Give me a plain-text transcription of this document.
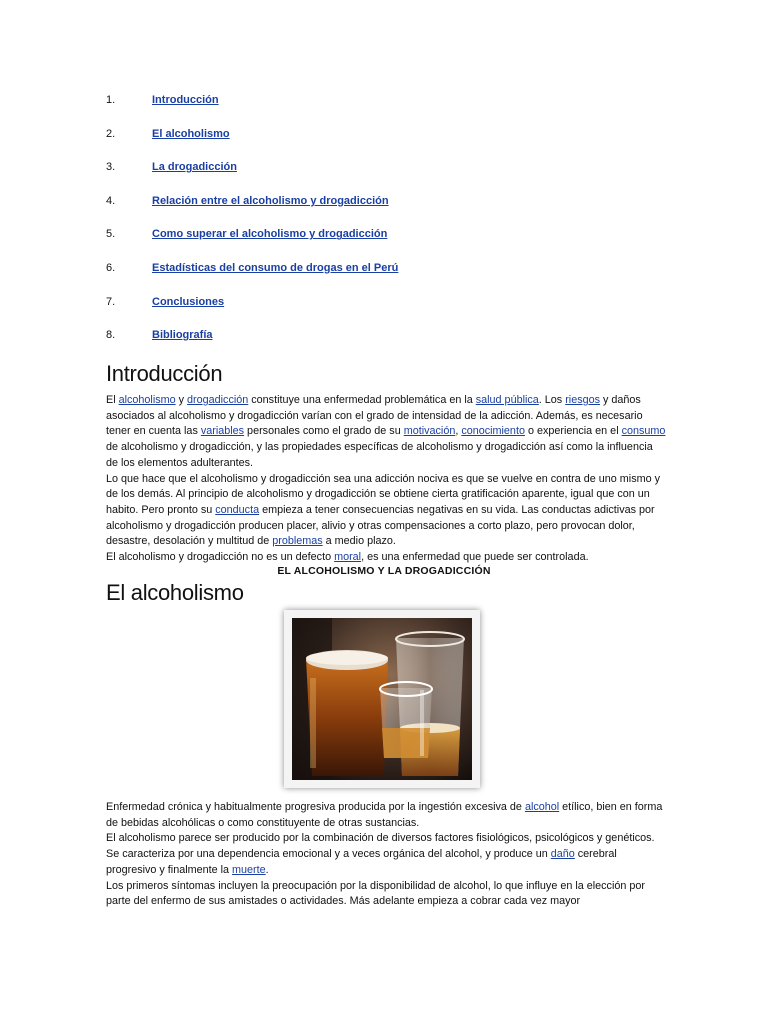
1.	Introducción
2.	El alcoholismo
3.	La drogadicción
4.	Relación entre el alcoholismo y drogadicción
5.	Como superar el alcoholismo y drogadicción
6.	Estadísticas del consumo de drogas en el Perú
7.	Conclusiones
8.	Bibliografía
Introducción

El alcoholismo y drogadicción constituye una enfermedad problemática en la salud pública. Los riesgos y daños asociados al alcoholismo y drogadicción varían con el grado de intensidad de la adicción. Además, es necesario tener en cuenta las variables personales como el grado de su motivación, conocimiento o experiencia en el consumo de alcoholismo y drogadicción, y las propiedades específicas de alcoholismo y drogadicción así como la influencia de los elementos adulterantes.

Lo que hace que el alcoholismo y drogadicción sea una adicción nociva es que se vuelve en contra de uno mismo y de los demás. Al principio de alcoholismo y drogadicción se obtiene cierta gratificación aparente, igual que con un habito. Pero pronto su conducta empieza a tener consecuencias negativas en su vida. Las conductas adictivas por alcoholismo y drogadicción producen placer, alivio y otras compensaciones a corto plazo, pero provocan dolor, desastre, desolación y multitud de problemas a medio plazo.

El alcoholismo y drogadicción no es un defecto moral, es una enfermedad que puede ser controlada.

EL ALCOHOLISMO Y LA DROGADICCIÓN
El alcoholismo

Enfermedad crónica y habitualmente progresiva producida por la ingestión excesiva de alcohol etílico, bien en forma de bebidas alcohólicas o como constituyente de otras sustancias.

El alcoholismo parece ser producido por la combinación de diversos factores fisiológicos, psicológicos y genéticos. Se caracteriza por una dependencia emocional y a veces orgánica del alcohol, y produce un daño cerebral progresivo y finalmente la muerte.

Los primeros síntomas incluyen la preocupación por la disponibilidad de alcohol, lo que influye en la elección por parte del enfermo de sus amistades o actividades. Más adelante empieza a cobrar cada vez mayor
